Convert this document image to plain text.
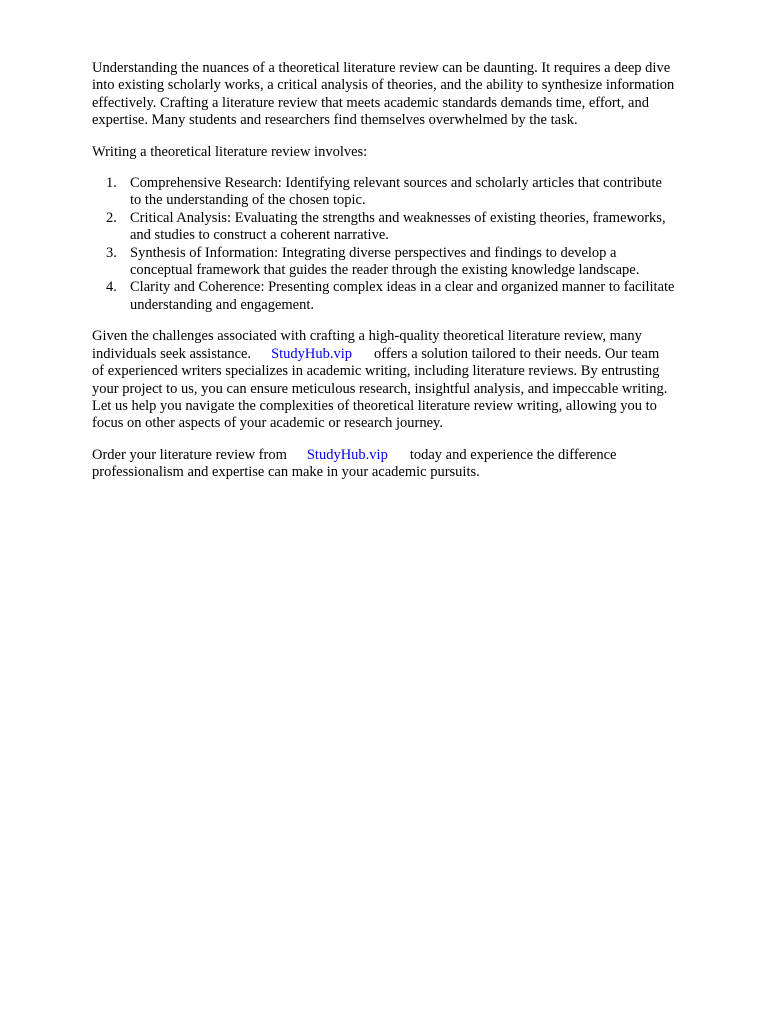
Understanding the nuances of a theoretical literature review can be daunting. It requires a deep dive
into existing scholarly works, a critical analysis of theories, and the ability to synthesize information
effectively. Crafting a literature review that meets academic standards demands time, effort, and
expertise. Many students and researchers find themselves overwhelmed by the task.

Writing a theoretical literature review involves:

1. Comprehensive Research: Identifying relevant sources and scholarly articles that contribute
to the understanding of the chosen topic.
2. Critical Analysis: Evaluating the strengths and weaknesses of existing theories, frameworks,
and studies to construct a coherent narrative.
3. Synthesis of Information: Integrating diverse perspectives and findings to develop a
conceptual framework that guides the reader through the existing knowledge landscape.
4. Clarity and Coherence: Presenting complex ideas in a clear and organized manner to facilitate
understanding and engagement.

Given the challenges associated with crafting a high-quality theoretical literature review, many
individuals seek assistance. StudyHub.vip offers a solution tailored to their needs. Our team
of experienced writers specializes in academic writing, including literature reviews. By entrusting
your project to us, you can ensure meticulous research, insightful analysis, and impeccable writing.
Let us help you navigate the complexities of theoretical literature review writing, allowing you to
focus on other aspects of your academic or research journey.

Order your literature review from StudyHub.vip today and experience the difference
professionalism and expertise can make in your academic pursuits.
